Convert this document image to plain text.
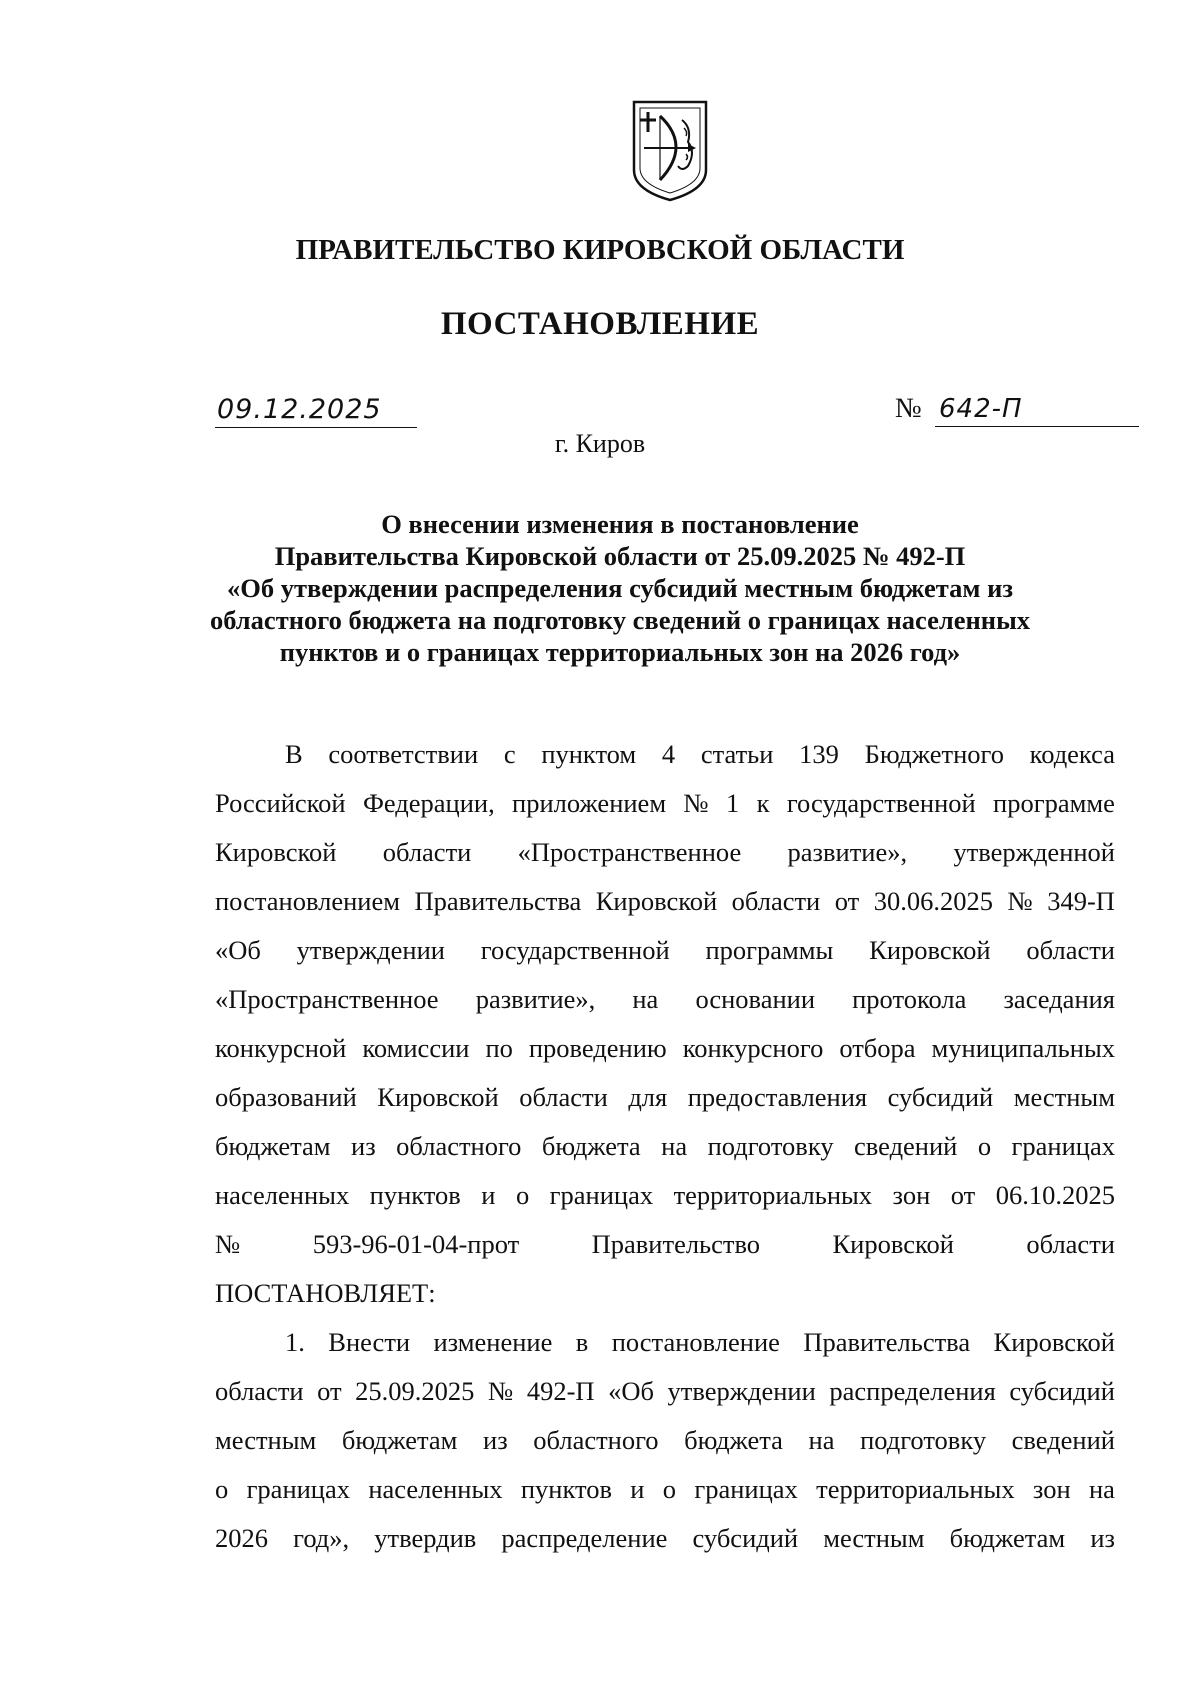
ПРАВИТЕЛЬСТВО КИРОВСКОЙ ОБЛАСТИ
ПОСТАНОВЛЕНИЕ
09.12.2025	№ 642-П
г. Киров
О внесении изменения в постановление
Правительства Кировской области от 25.09.2025 № 492-П
«Об утверждении распределения субсидий местным бюджетам из
областного бюджета на подготовку сведений о границах населенных
пунктов и о границах территориальных зон на 2026 год»
В соответствии с пунктом 4 статьи 139 Бюджетного кодекса
Российской Федерации, приложением № 1 к государственной программе
Кировской области «Пространственное развитие», утвержденной
постановлением Правительства Кировской области от 30.06.2025 № 349-П
«Об утверждении государственной программы Кировской области
«Пространственное развитие», на основании протокола заседания
конкурсной комиссии по проведению конкурсного отбора муниципальных
образований Кировской области для предоставления субсидий местным
бюджетам из областного бюджета на подготовку сведений о границах
населенных пунктов и о границах территориальных зон от 06.10.2025
№	593-96-01-04-прот	Правительство	Кировской	области
ПОСТАНОВЛЯЕТ:
1. Внести изменение в постановление Правительства Кировской
области от 25.09.2025 № 492-П «Об утверждении распределения субсидий
местным бюджетам из областного бюджета на подготовку сведений
о границах населенных пунктов и о границах территориальных зон на
2026 год», утвердив распределение субсидий местным бюджетам из
